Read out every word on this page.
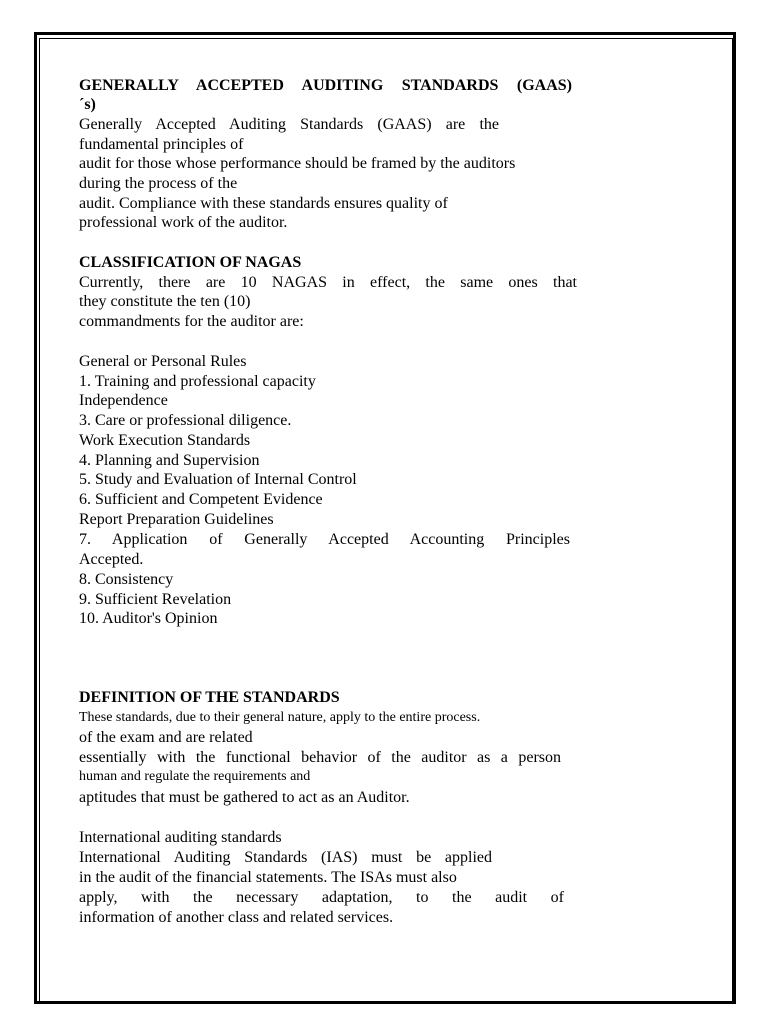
GENERALLY ACCEPTED AUDITING STANDARDS (GAAS)

´s)

Generally Accepted Auditing Standards (GAAS) are the

fundamental principles of

audit for those whose performance should be framed by the auditors

during the process of the

audit. Compliance with these standards ensures quality of

professional work of the auditor.

CLASSIFICATION OF NAGAS

Currently, there are 10 NAGAS in effect, the same ones that

they constitute the ten (10)

commandments for the auditor are:

General or Personal Rules

1. Training and professional capacity

Independence

3. Care or professional diligence.

Work Execution Standards

4. Planning and Supervision

5. Study and Evaluation of Internal Control

6. Sufficient and Competent Evidence

Report Preparation Guidelines

7. Application of Generally Accepted Accounting Principles

Accepted.

8. Consistency

9. Sufficient Revelation

10. Auditor's Opinion

DEFINITION OF THE STANDARDS

These standards, due to their general nature, apply to the entire process.

of the exam and are related

essentially with the functional behavior of the auditor as a person

human and regulate the requirements and

aptitudes that must be gathered to act as an Auditor.

International auditing standards

International Auditing Standards (IAS) must be applied

in the audit of the financial statements. The ISAs must also

apply, with the necessary adaptation, to the audit of

information of another class and related services.
